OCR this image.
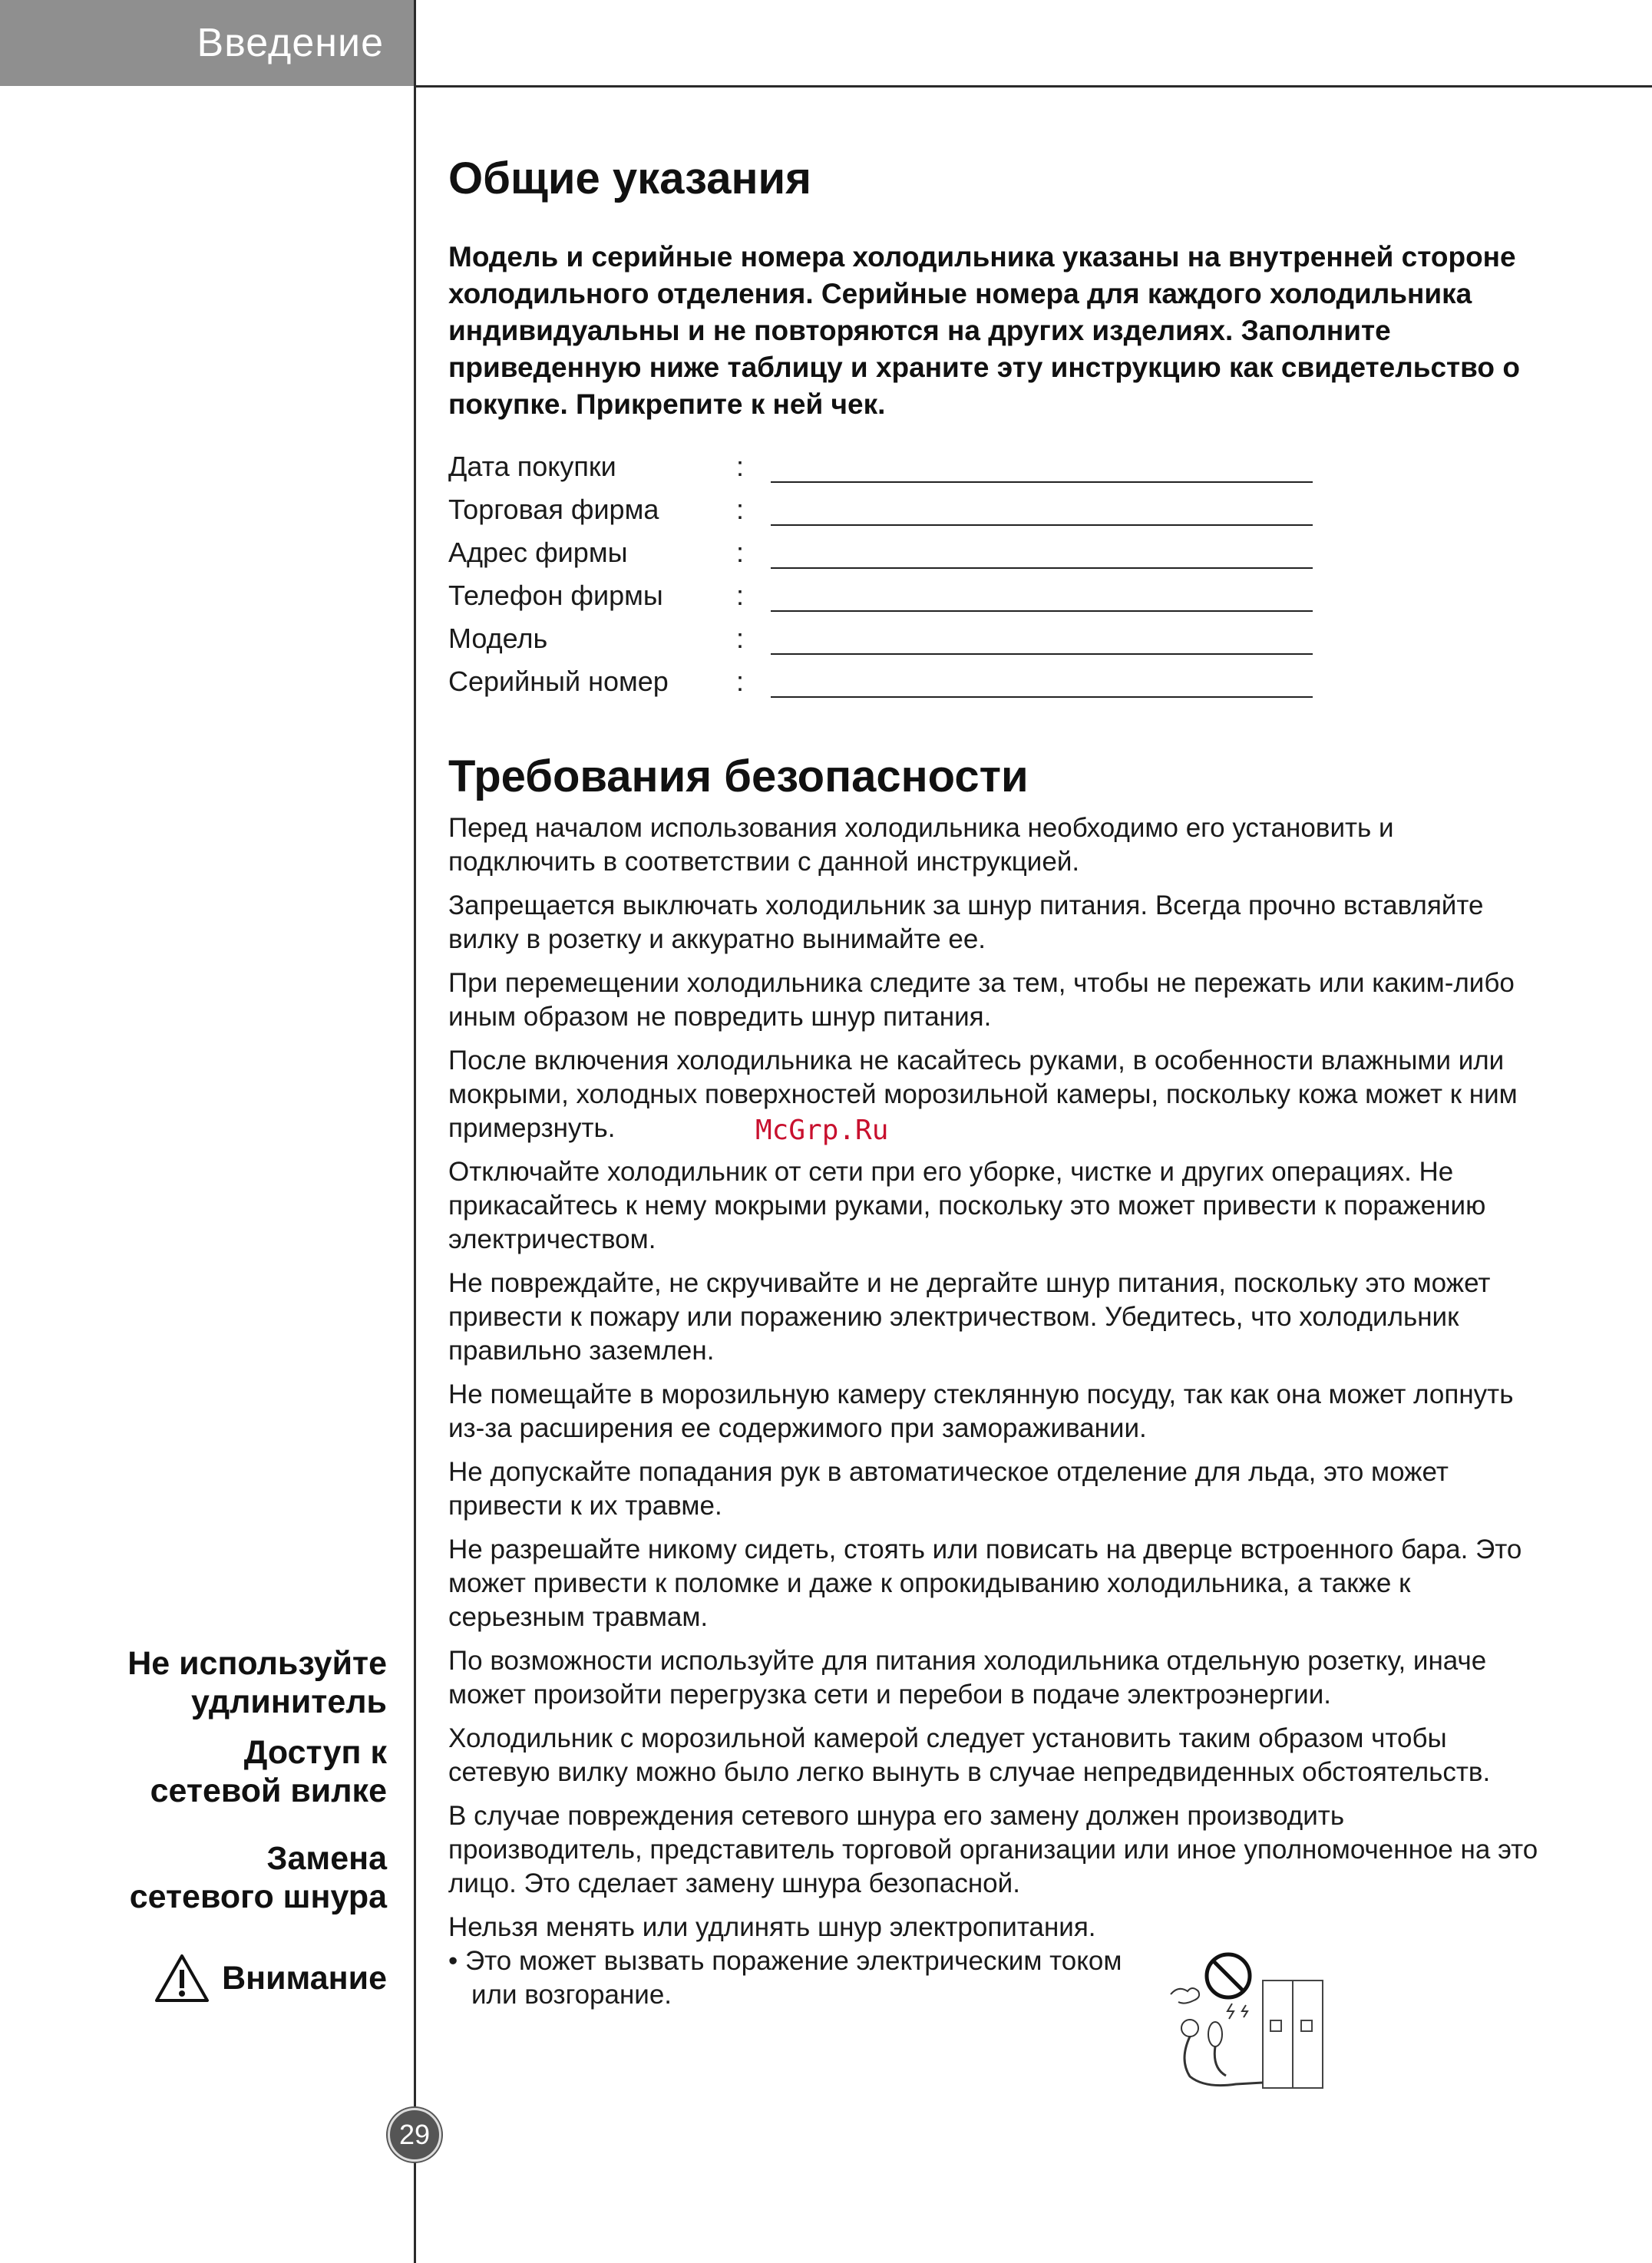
Введение
Общие указания

Модель и серийные номера холодильника указаны на внутренней стороне холодильного отделения. Серийные номера для каждого холодильника индивидуальны и не повторяются на других изделиях. Заполните приведенную ниже таблицу и храните эту инструкцию как свидетельство о покупке. Прикрепите к ней чек.

Дата покупки	:
Торговая фирма	:
Адрес фирмы	:
Телефон фирмы	:
Модель	:
Серийный номер	:
Требования безопасности

Перед началом использования холодильника необходимо его установить и подключить в соответствии с данной инструкцией.

Запрещается выключать холодильник за шнур питания. Всегда прочно вставляйте вилку в розетку и аккуратно вынимайте ее.

При перемещении холодильника следите за тем, чтобы не пережать или каким-либо иным образом не повредить шнур питания.

После включения холодильника не касайтесь руками, в особенности влажными или мокрыми, холодных поверхностей морозильной камеры, поскольку кожа может к ним примерзнуть.

Отключайте холодильник от сети при его уборке, чистке и других операциях. Не прикасайтесь к нему мокрыми руками, поскольку это может привести к поражению электричеством.

Не повреждайте, не скручивайте и не дергайте шнур питания, поскольку это может привести к пожару или поражению электричеством. Убедитесь, что холодильник правильно заземлен.

Не помещайте в морозильную камеру стеклянную посуду, так как она может лопнуть из-за расширения ее содержимого при замораживании.

Не допускайте попадания рук в автоматическое отделение для льда, это может привести к их травме.

Не разрешайте никому сидеть, стоять или повисать на дверце встроенного бара. Это может привести к поломке и даже к опрокидыванию холодильника, а также к серьезным травмам.

По возможности используйте для питания холодильника отдельную розетку, иначе может произойти перегрузка сети и перебои в подаче электроэнергии.

Холодильник с морозильной камерой следует установить таким образом чтобы сетевую вилку можно было легко вынуть в случае непредвиденных обстоятельств.

В случае повреждения сетевого шнура его замену должен производить производитель, представитель торговой организации или иное уполномоченное на это лицо. Это сделает замену шнура безопасной.

Нельзя менять или удлинять шнур электропитания.

• Это может вызвать поражение электрическим током или возгорание.

Не используйте
удлинитель
Доступ к
сетевой вилке
Замена
сетевого шнура
Внимание
McGrp.Ru
29
